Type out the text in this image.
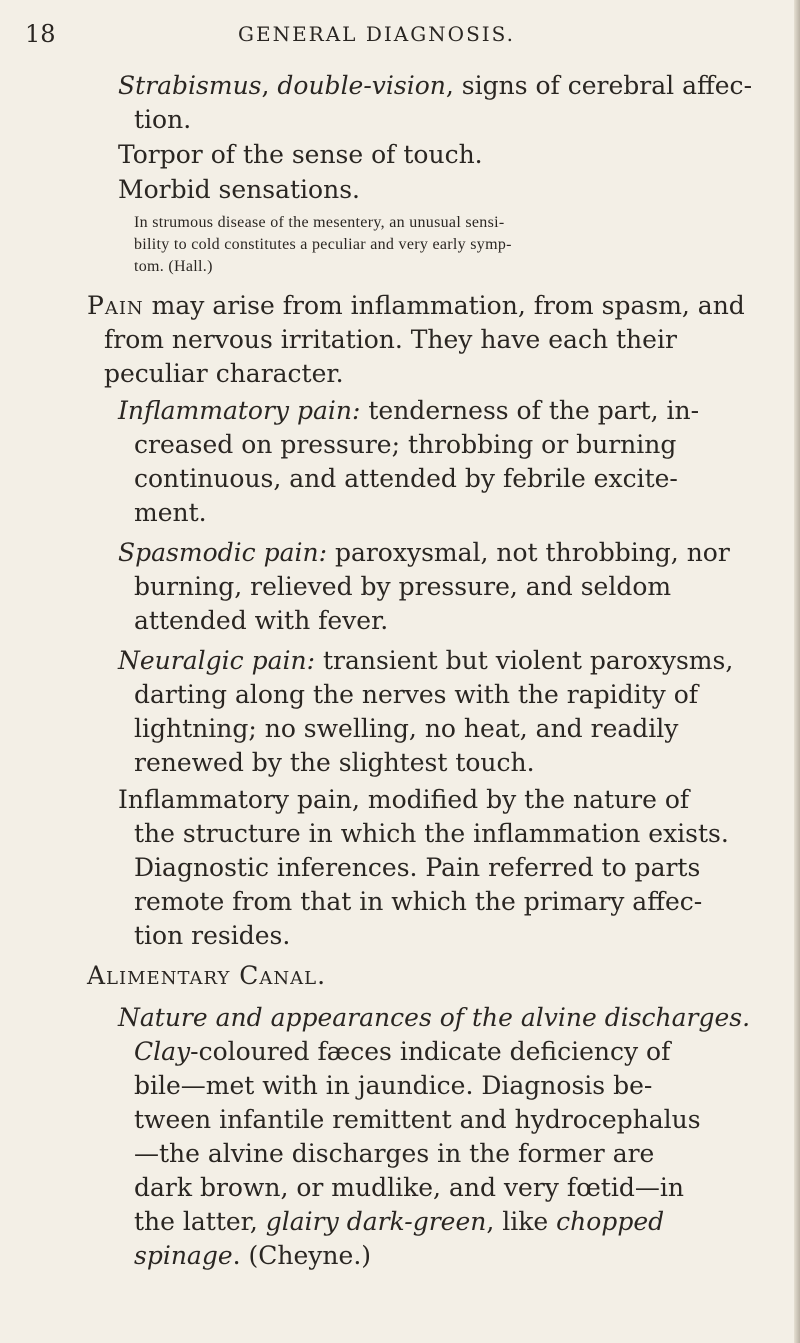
18	GENERAL DIAGNOSIS.
Strabismus, double-vision, signs of cerebral affec-
tion.
Torpor of the sense of touch.
Morbid sensations.
In strumous disease of the mesentery, an unusual sensi-
bility to cold constitutes a peculiar and very early symp-
tom. (Hall.)
Pain may arise from inflammation, from spasm, and
from nervous irritation. They have each their
peculiar character.
Inflammatory pain: tenderness of the part, in-
creased on pressure; throbbing or burning
continuous, and attended by febrile excite-
ment.
Spasmodic pain: paroxysmal, not throbbing, nor
burning, relieved by pressure, and seldom
attended with fever.
Neuralgic pain: transient but violent paroxysms,
darting along the nerves with the rapidity of
lightning; no swelling, no heat, and readily
renewed by the slightest touch.
Inflammatory pain, modified by the nature of
the structure in which the inflammation exists.
Diagnostic inferences. Pain referred to parts
remote from that in which the primary affec-
tion resides.
Alimentary Canal.
Nature and appearances of the alvine discharges.
Clay-coloured fæces indicate deficiency of
bile—met with in jaundice. Diagnosis be-
tween infantile remittent and hydrocephalus
—the alvine discharges in the former are
dark brown, or mudlike, and very fœtid—in
the latter, glairy dark-green, like chopped
spinage. (Cheyne.)
